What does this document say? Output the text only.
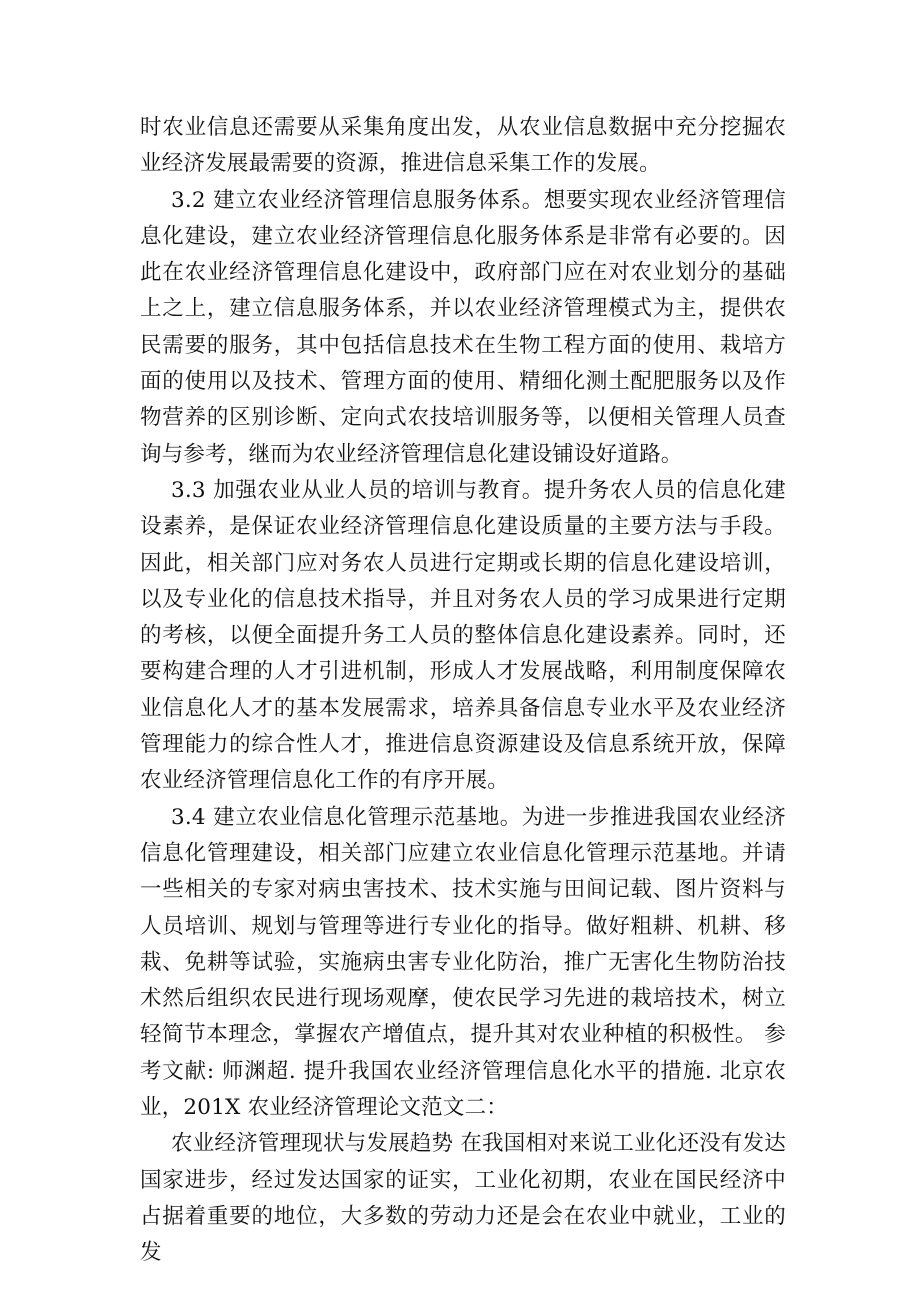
时农业信息还需要从采集角度出发，从农业信息数据中充分挖掘农业经济发展最需要的资源，推进信息采集工作的发展。

3.2 建立农业经济管理信息服务体系。想要实现农业经济管理信息化建设，建立农业经济管理信息化服务体系是非常有必要的。因此在农业经济管理信息化建设中，政府部门应在对农业划分的基础上之上，建立信息服务体系，并以农业经济管理模式为主，提供农民需要的服务，其中包括信息技术在生物工程方面的使用、栽培方面的使用以及技术、管理方面的使用、精细化测土配肥服务以及作物营养的区别诊断、定向式农技培训服务等，以便相关管理人员查询与参考，继而为农业经济管理信息化建设铺设好道路。

3.3 加强农业从业人员的培训与教育。提升务农人员的信息化建设素养，是保证农业经济管理信息化建设质量的主要方法与手段。因此，相关部门应对务农人员进行定期或长期的信息化建设培训，以及专业化的信息技术指导，并且对务农人员的学习成果进行定期的考核，以便全面提升务工人员的整体信息化建设素养。同时，还要构建合理的人才引进机制，形成人才发展战略，利用制度保障农业信息化人才的基本发展需求，培养具备信息专业水平及农业经济管理能力的综合性人才，推进信息资源建设及信息系统开放，保障农业经济管理信息化工作的有序开展。

3.4 建立农业信息化管理示范基地。为进一步推进我国农业经济信息化管理建设，相关部门应建立农业信息化管理示范基地。并请一些相关的专家对病虫害技术、技术实施与田间记载、图片资料与人员培训、规划与管理等进行专业化的指导。做好粗耕、机耕、移栽、免耕等试验，实施病虫害专业化防治，推广无害化生物防治技术然后组织农民进行现场观摩，使农民学习先进的栽培技术，树立轻简节本理念，掌握农产增值点，提升其对农业种植的积极性。 参考文献: 师渊超. 提升我国农业经济管理信息化水平的措施. 北京农业，201X 农业经济管理论文范文二：

农业经济管理现状与发展趋势 在我国相对来说工业化还没有发达国家进步，经过发达国家的证实，工业化初期，农业在国民经济中占据着重要的地位，大多数的劳动力还是会在农业中就业，工业的发
